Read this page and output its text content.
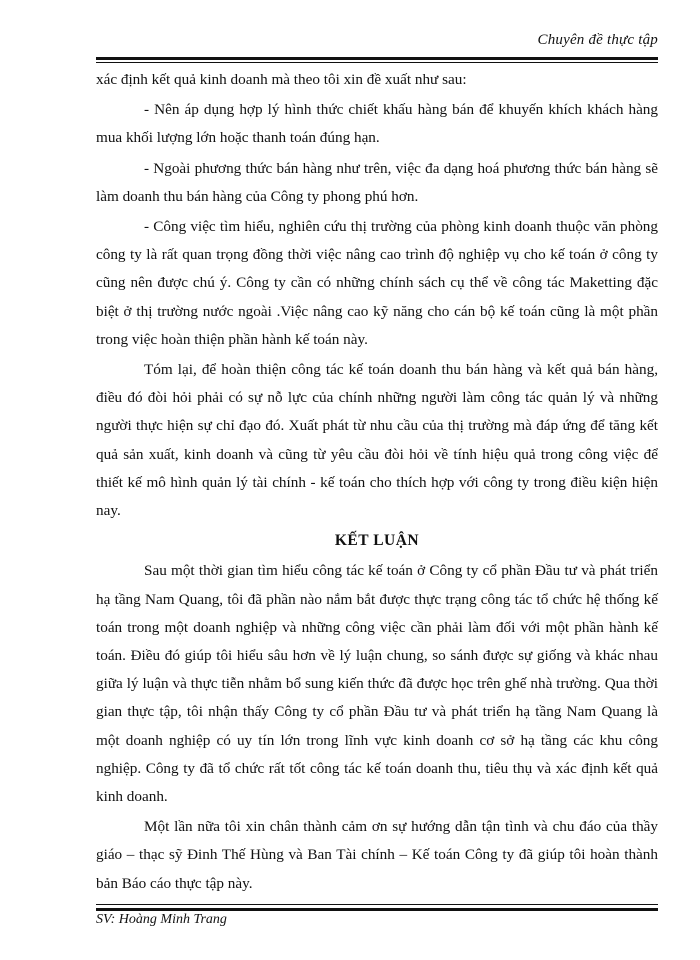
Chuyên đề thực tập

xác định kết quả kinh doanh mà theo tôi xin đề xuất như sau:

- Nên áp dụng hợp lý hình thức chiết khấu hàng bán để khuyến khích khách hàng mua khối lượng lớn hoặc thanh toán đúng hạn.

- Ngoài phương thức bán hàng như trên, việc đa dạng hoá phương thức bán hàng sẽ làm doanh thu bán hàng của Công ty phong phú hơn.

- Công việc tìm hiểu, nghiên cứu thị trường của phòng kinh doanh thuộc văn phòng công ty là rất quan trọng đồng thời việc nâng cao trình độ nghiệp vụ cho kế toán ở công ty cũng nên được chú ý. Công ty cần có những chính sách cụ thể về công tác Maketting đặc biệt ở thị trường nước ngoài .Việc nâng cao kỹ năng cho cán bộ kế toán cũng là một phần trong việc hoàn thiện phần hành kế toán này.

Tóm lại, để hoàn thiện công tác kế toán doanh thu bán hàng và kết quả bán hàng, điều đó đòi hỏi phải có sự nỗ lực của chính những người làm công tác quản lý và những người thực hiện sự chỉ đạo đó. Xuất phát từ nhu cầu của thị trường mà đáp ứng để tăng kết quả sản xuất, kinh doanh và cũng từ yêu cầu đòi hỏi về tính hiệu quả trong công việc để thiết kế mô hình quản lý tài chính - kế toán cho thích hợp với công ty trong điều kiện hiện nay.

KẾT LUẬN

Sau một thời gian tìm hiểu công tác kế toán ở Công ty cổ phần Đầu tư và phát triển hạ tầng Nam Quang, tôi đã phần nào nắm bắt được thực trạng công tác tổ chức hệ thống kế toán trong một doanh nghiệp và những công việc cần phải làm đối với một phần hành kế toán. Điều đó giúp tôi hiểu sâu hơn về lý luận chung, so sánh được sự giống và khác nhau giữa lý luận và thực tiễn nhằm bổ sung kiến thức đã được học trên ghế nhà trường. Qua thời gian thực tập, tôi nhận thấy Công ty cổ phần Đầu tư và phát triển hạ tầng Nam Quang là một doanh nghiệp có uy tín lớn trong lĩnh vực kinh doanh cơ sở hạ tầng các khu công nghiệp. Công ty đã tổ chức rất tốt công tác kế toán doanh thu, tiêu thụ và xác định kết quả kinh doanh.

Một lần nữa tôi xin chân thành cảm ơn sự hướng dẫn tận tình và chu đáo của thầy giáo – thạc sỹ Đinh Thế Hùng và Ban Tài chính – Kế toán Công ty đã giúp tôi hoàn thành bản Báo cáo thực tập này.

SV: Hoàng Minh Trang
